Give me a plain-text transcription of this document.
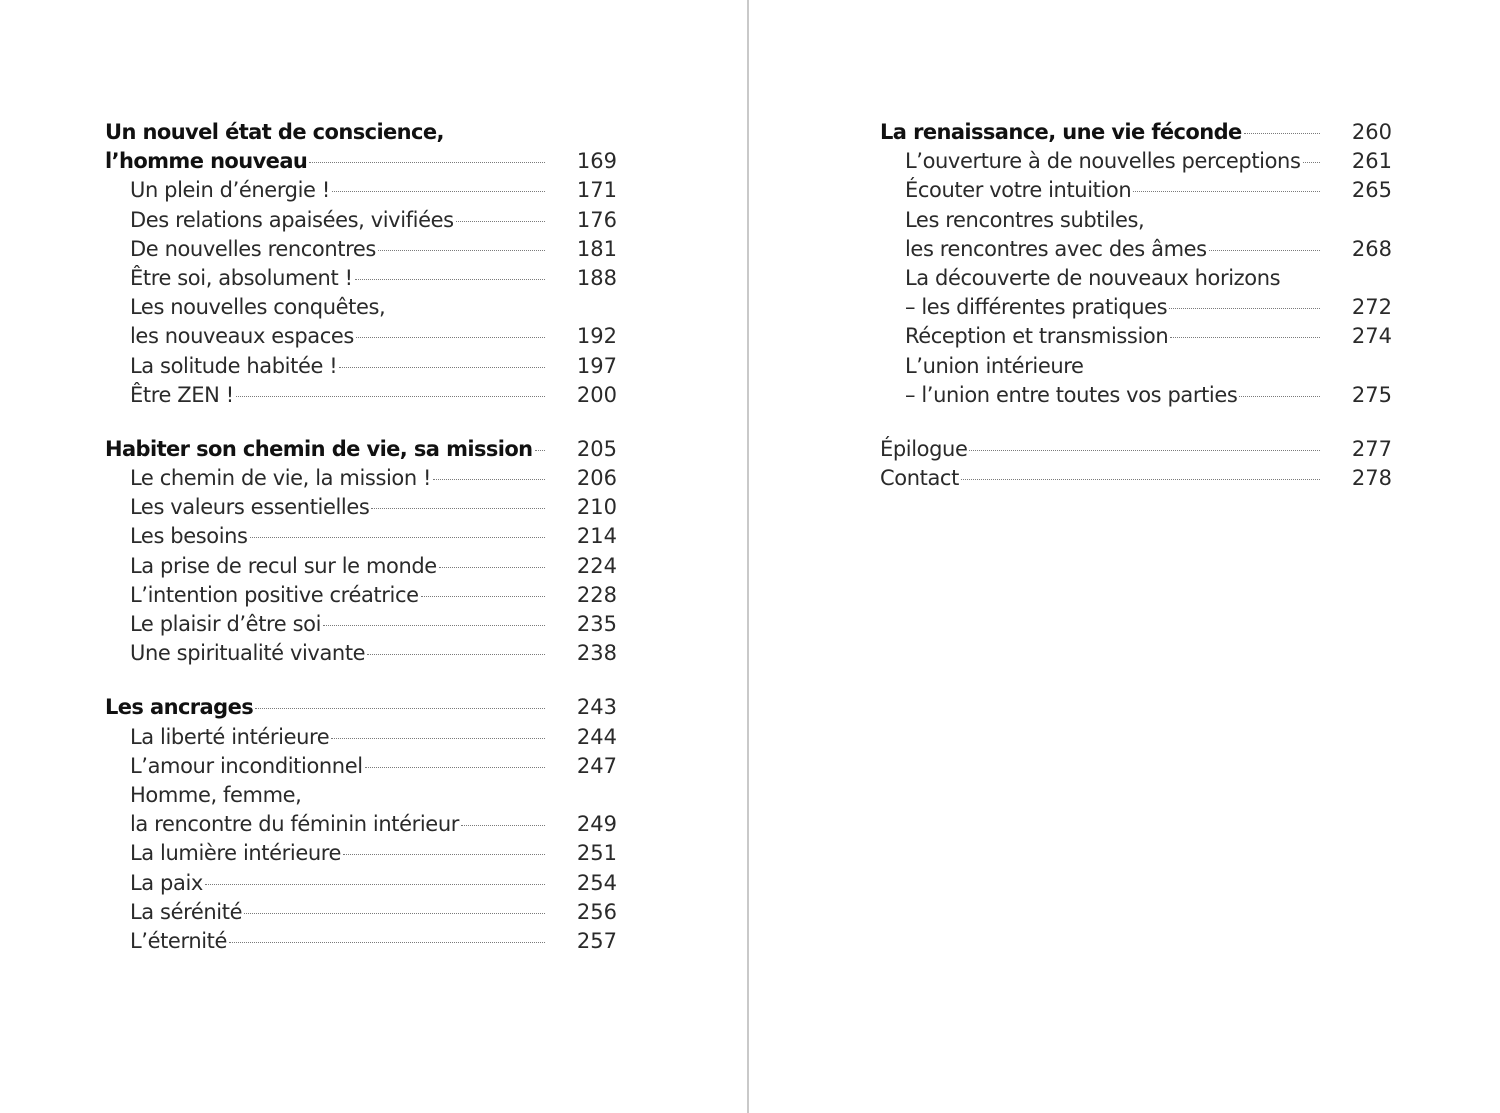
Un nouvel état de conscience,
l’homme nouveau	169
Un plein d’énergie !	171
Des relations apaisées, vivifiées	176
De nouvelles rencontres	181
Être soi, absolument !	188
Les nouvelles conquêtes,
les nouveaux espaces	192
La solitude habitée !	197
Être ZEN !	200
Habiter son chemin de vie, sa mission	205
Le chemin de vie, la mission !	206
Les valeurs essentielles	210
Les besoins	214
La prise de recul sur le monde	224
L’intention positive créatrice	228
Le plaisir d’être soi	235
Une spiritualité vivante	238
Les ancrages	243
La liberté intérieure	244
L’amour inconditionnel	247
Homme, femme,
la rencontre du féminin intérieur	249
La lumière intérieure	251
La paix	254
La sérénité	256
L’éternité	257
La renaissance, une vie féconde	260
L’ouverture à de nouvelles perceptions	261
Écouter votre intuition	265
Les rencontres subtiles,
les rencontres avec des âmes	268
La découverte de nouveaux horizons
– les différentes pratiques	272
Réception et transmission	274
L’union intérieure
– l’union entre toutes vos parties	275
Épilogue	277
Contact	278
